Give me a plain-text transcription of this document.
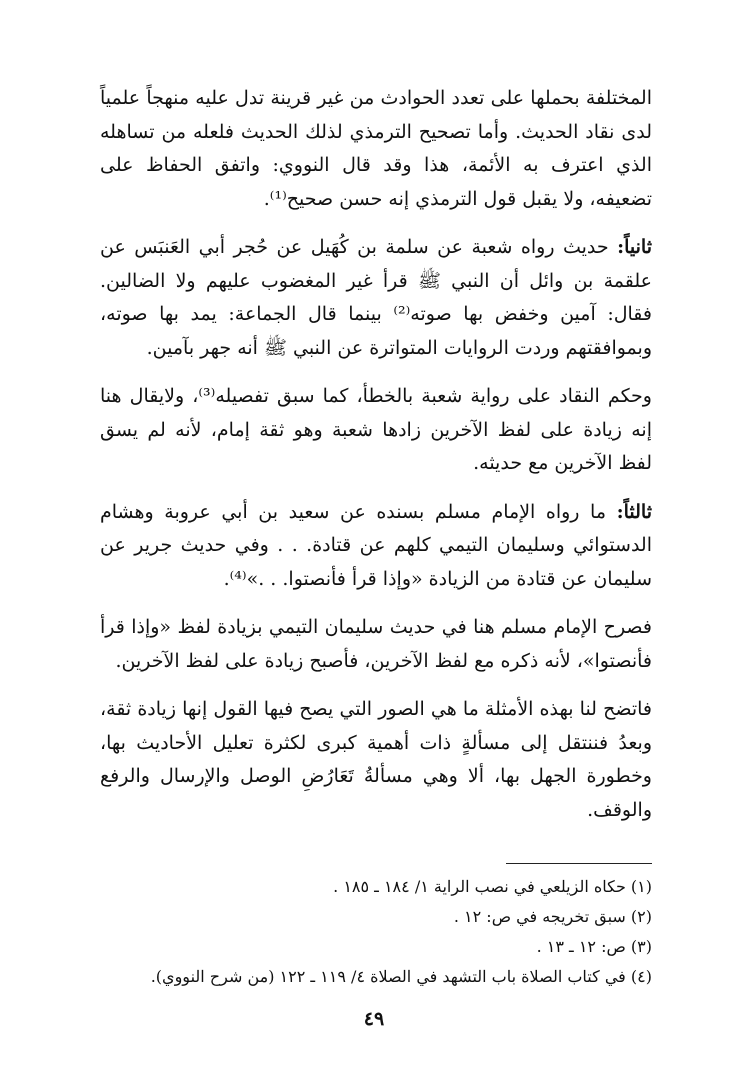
المختلفة بحملها على تعدد الحوادث من غير قرينة تدل عليه منهجاً علمياً لدى نقاد الحديث. وأما تصحيح الترمذي لذلك الحديث فلعله من تساهله الذي اعترف به الأئمة، هذا وقد قال النووي: واتفق الحفاظ على تضعيفه، ولا يقبل قول الترمذي إنه حسن صحيح⁽¹⁾.

ثانياً: حديث رواه شعبة عن سلمة بن كُهَيل عن حُجر أبي العَنبَس عن علقمة بن وائل أن النبي ﷺ قرأ غير المغضوب عليهم ولا الضالين. فقال: آمين وخفض بها صوته⁽²⁾ بينما قال الجماعة: يمد بها صوته، وبموافقتهم وردت الروايات المتواترة عن النبي ﷺ أنه جهر بآمين.

وحكم النقاد على رواية شعبة بالخطأ، كما سبق تفصيله⁽³⁾، ولايقال هنا إنه زيادة على لفظ الآخرين زادها شعبة وهو ثقة إمام، لأنه لم يسق لفظ الآخرين مع حديثه.

ثالثاً: ما رواه الإمام مسلم بسنده عن سعيد بن أبي عروبة وهشام الدستوائي وسليمان التيمي كلهم عن قتادة. . . وفي حديث جرير عن سليمان عن قتادة من الزيادة «وإذا قرأ فأنصتوا. . .»⁽⁴⁾.

فصرح الإمام مسلم هنا في حديث سليمان التيمي بزيادة لفظ «وإذا قرأ فأنصتوا»، لأنه ذكره مع لفظ الآخرين، فأصبح زيادة على لفظ الآخرين.

فاتضح لنا بهذه الأمثلة ما هي الصور التي يصح فيها القول إنها زيادة ثقة، وبعدُ فننتقل إلى مسألةٍ ذات أهمية كبرى لكثرة تعليل الأحاديث بها، وخطورة الجهل بها، ألا وهي مسألةُ تَعَارُضِ الوصل والإرسال والرفع والوقف.

(١) حكاه الزيلعي في نصب الراية ١/ ١٨٤ ـ ١٨٥ .

(٢) سبق تخريجه في ص: ١٢ .

(٣) ص: ١٢ ـ ١٣ .

(٤) في كتاب الصلاة باب التشهد في الصلاة ٤/ ١١٩ ـ ١٢٢ (من شرح النووي).

٤٩
